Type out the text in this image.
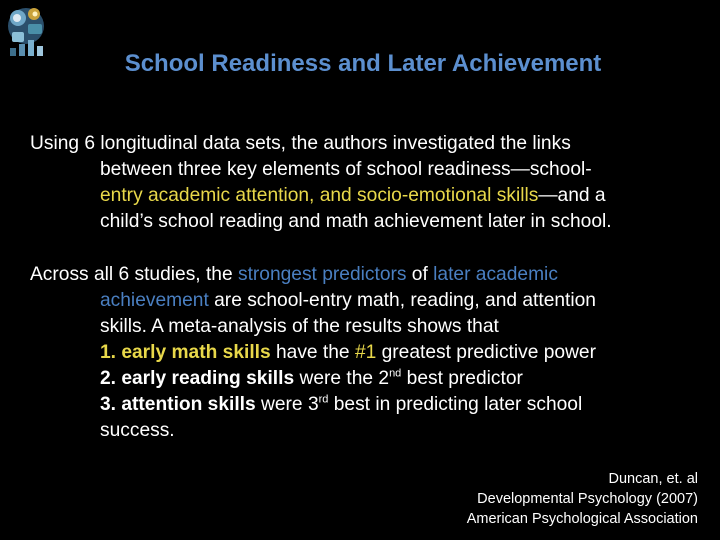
School Readiness and Later Achievement
Using 6 longitudinal data sets, the authors investigated the links
between three key elements of school readiness—school-
entry academic attention, and socio-emotional skills—and a
child’s school reading and math achievement later in school.
Across all 6 studies, the strongest predictors of later academic
achievement are school-entry math, reading, and attention
skills. A meta-analysis of the results shows that
1. early math skills have the #1 greatest predictive power
2. early reading skills were the 2nd best predictor
3. attention skills were 3rd best in predicting later school
success.
Duncan, et. al
Developmental Psychology (2007)
American Psychological Association
